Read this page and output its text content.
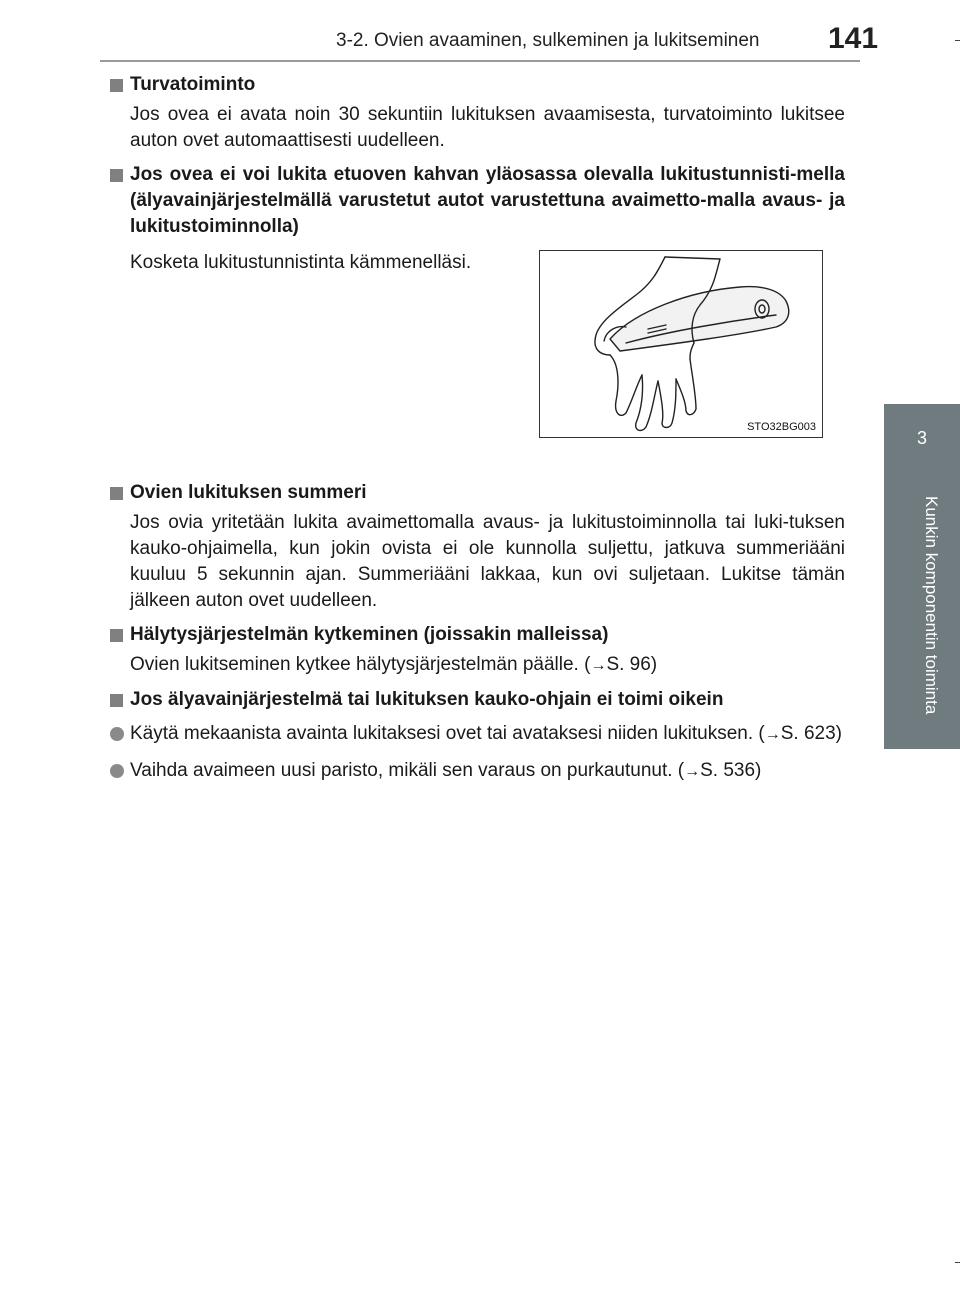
3-2. Ovien avaaminen, sulkeminen ja lukitseminen 141
3
Kunkin komponentin toiminta
Turvatoiminto
Jos ovea ei avata noin 30 sekuntiin lukituksen avaamisesta, turvatoiminto lukitsee auton ovet automaattisesti uudelleen.
Jos ovea ei voi lukita etuoven kahvan yläosassa olevalla lukitustunnisti-mella (älyavainjärjestelmällä varustetut autot varustettuna avaimetto-malla avaus- ja lukitustoiminnolla)
Kosketa lukitustunnistinta kämmenelläsi.
STO32BG003
Ovien lukituksen summeri
Jos ovia yritetään lukita avaimettomalla avaus- ja lukitustoiminnolla tai luki-tuksen kauko-ohjaimella, kun jokin ovista ei ole kunnolla suljettu, jatkuva summeriääni kuuluu 5 sekunnin ajan. Summeriääni lakkaa, kun ovi suljetaan. Lukitse tämän jälkeen auton ovet uudelleen.
Hälytysjärjestelmän kytkeminen (joissakin malleissa)
Ovien lukitseminen kytkee hälytysjärjestelmän päälle. (→S. 96)
Jos älyavainjärjestelmä tai lukituksen kauko-ohjain ei toimi oikein
Käytä mekaanista avainta lukitaksesi ovet tai avataksesi niiden lukituksen. (→S. 623)
Vaihda avaimeen uusi paristo, mikäli sen varaus on purkautunut. (→S. 536)
